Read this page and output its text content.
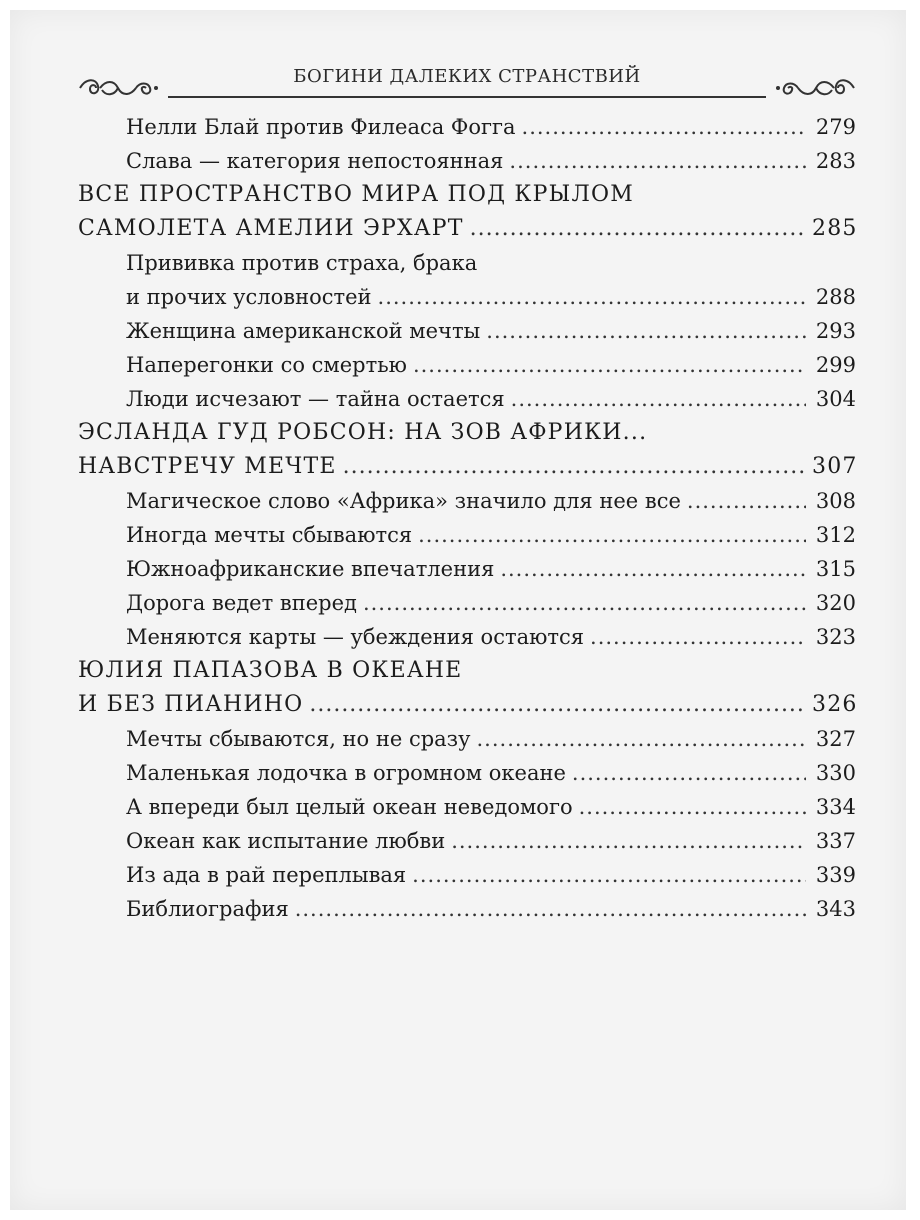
БОГИНИ ДАЛЕКИХ СТРАНСТВИЙ
Нелли Блай против Филеаса Фогга .....	279
Слава — категория непостоянная .....	283
ВСЕ ПРОСТРАНСТВО МИРА ПОД КРЫЛОМ
САМОЛЕТА АМЕЛИИ ЭРХАРТ .....	285
Прививка против страха, брака
и прочих условностей .....	288
Женщина американской мечты .....	293
Наперегонки со смертью .....	299
Люди исчезают — тайна остается .....	304
ЭСЛАНДА ГУД РОБСОН: НА ЗОВ АФРИКИ...
НАВСТРЕЧУ МЕЧТЕ .....	307
Магическое слово «Африка» значило для нее все .....	308
Иногда мечты сбываются .....	312
Южноафриканские впечатления .....	315
Дорога ведет вперед .....	320
Меняются карты — убеждения остаются .....	323
ЮЛИЯ ПАПАЗОВА В ОКЕАНЕ
И БЕЗ ПИАНИНО .....	326
Мечты сбываются, но не сразу .....	327
Маленькая лодочка в огромном океане .....	330
А впереди был целый океан неведомого .....	334
Океан как испытание любви .....	337
Из ада в рай переплывая .....	339
Библиография .....	343
